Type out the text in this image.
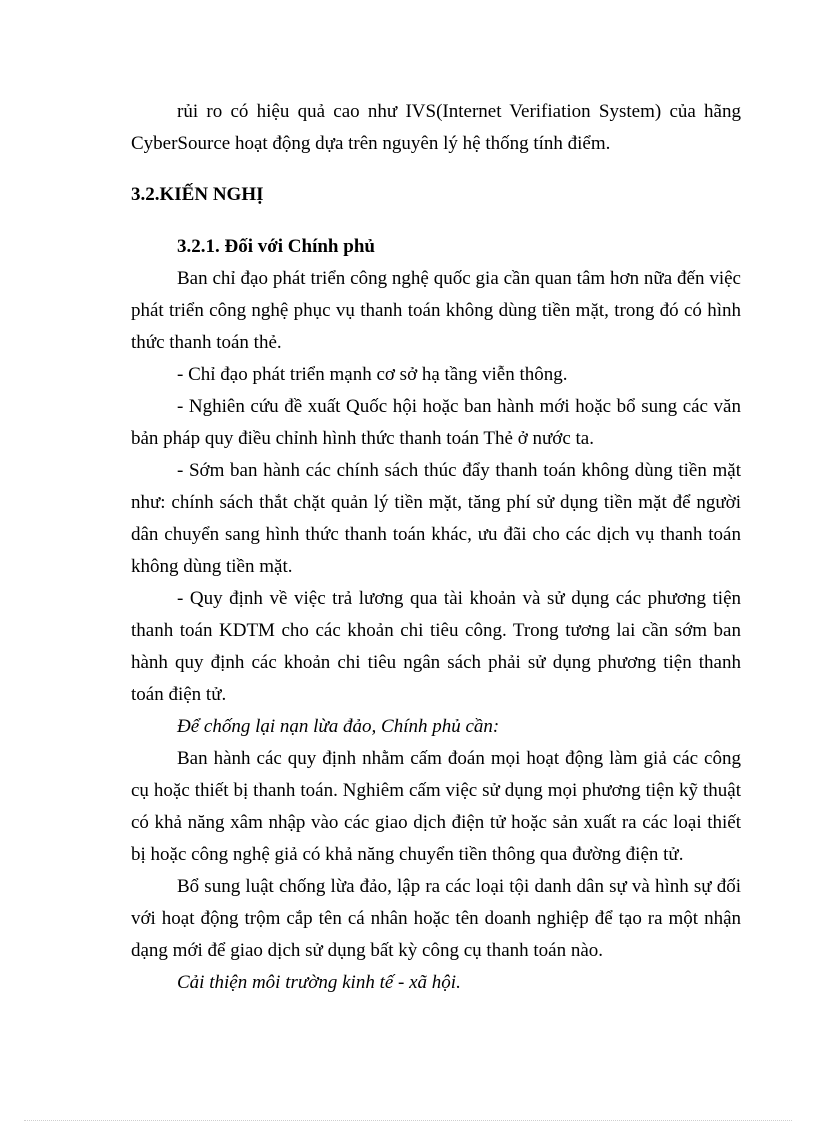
rủi ro có hiệu quả cao như IVS(Internet Verifiation System) của hãng CyberSource hoạt động dựa trên nguyên lý hệ thống tính điểm.

3.2.KIẾN NGHỊ

3.2.1. Đối với Chính phủ

Ban chỉ đạo phát triển công nghệ quốc gia cần quan tâm hơn nữa đến việc phát triển công nghệ phục vụ thanh toán không dùng tiền mặt, trong đó có hình thức thanh toán thẻ.

- Chỉ đạo phát triển mạnh cơ sở hạ tầng viễn thông.

- Nghiên cứu đề xuất Quốc hội hoặc ban hành mới hoặc bổ sung các văn bản pháp quy điều chỉnh hình thức thanh toán Thẻ ở nước ta.

- Sớm ban hành các chính sách thúc đẩy thanh toán không dùng tiền mặt như: chính sách thắt chặt quản lý tiền mặt, tăng phí sử dụng tiền mặt để người dân chuyển sang hình thức thanh toán khác, ưu đãi cho các dịch vụ thanh toán không dùng tiền mặt.

- Quy định về việc trả lương qua tài khoản và sử dụng các phương tiện thanh toán KDTM cho các khoản chi tiêu công. Trong tương lai cần sớm ban hành quy định các khoản chi tiêu ngân sách phải sử dụng phương tiện thanh toán điện tử.

Để chống lại nạn lừa đảo, Chính phủ cần:

Ban hành các quy định nhằm cấm đoán mọi hoạt động làm giả các công cụ hoặc thiết bị thanh toán. Nghiêm cấm việc sử dụng mọi phương tiện kỹ thuật có khả năng xâm nhập vào các giao dịch điện tử hoặc sản xuất ra các loại thiết bị hoặc công nghệ giả có khả năng chuyển tiền thông qua đường điện tử.

Bổ sung luật chống lừa đảo, lập ra các loại tội danh dân sự và hình sự đối với hoạt động trộm cắp tên cá nhân hoặc tên doanh nghiệp để tạo ra một nhận dạng mới để giao dịch sử dụng bất kỳ công cụ thanh toán nào.

Cải thiện môi trường kinh tế - xã hội.
